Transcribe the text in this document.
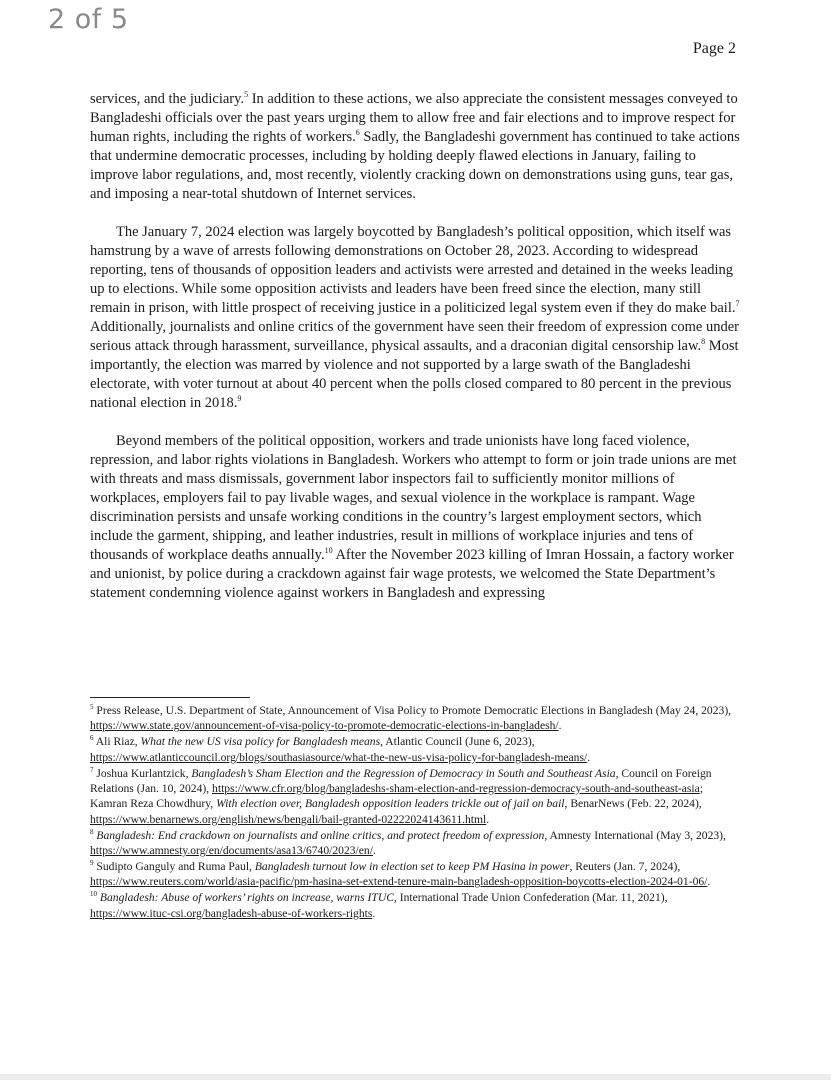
2 of 5
Page 2

services, and the judiciary.$^5$ In addition to these actions, we also appreciate the consistent messages conveyed to Bangladeshi officials over the past years urging them to allow free and fair elections and to improve respect for human rights, including the rights of workers.$^6$ Sadly, the Bangladeshi government has continued to take actions that undermine democratic processes, including by holding deeply flawed elections in January, failing to improve labor regulations, and, most recently, violently cracking down on demonstrations using guns, tear gas, and imposing a near-total shutdown of Internet services.

The January 7, 2024 election was largely boycotted by Bangladesh’s political opposition, which itself was hamstrung by a wave of arrests following demonstrations on October 28, 2023. According to widespread reporting, tens of thousands of opposition leaders and activists were arrested and detained in the weeks leading up to elections. While some opposition activists and leaders have been freed since the election, many still remain in prison, with little prospect of receiving justice in a politicized legal system even if they do make bail.$^7$ Additionally, journalists and online critics of the government have seen their freedom of expression come under serious attack through harassment, surveillance, physical assaults, and a draconian digital censorship law.$^8$ Most importantly, the election was marred by violence and not supported by a large swath of the Bangladeshi electorate, with voter turnout at about 40 percent when the polls closed compared to 80 percent in the previous national election in 2018.$^9$

Beyond members of the political opposition, workers and trade unionists have long faced violence, repression, and labor rights violations in Bangladesh. Workers who attempt to form or join trade unions are met with threats and mass dismissals, government labor inspectors fail to sufficiently monitor millions of workplaces, employers fail to pay livable wages, and sexual violence in the workplace is rampant. Wage discrimination persists and unsafe working conditions in the country’s largest employment sectors, which include the garment, shipping, and leather industries, result in millions of workplace injuries and tens of thousands of workplace deaths annually.$^{10}$ After the November 2023 killing of Imran Hossain, a factory worker and unionist, by police during a crackdown against fair wage protests, we welcomed the State Department’s statement condemning violence against workers in Bangladesh and expressing

$^5$ Press Release, U.S. Department of State, Announcement of Visa Policy to Promote Democratic Elections in Bangladesh (May 24, 2023), https://www.state.gov/announcement-of-visa-policy-to-promote-democratic-elections-in-bangladesh/.
$^6$ Ali Riaz, What the new US visa policy for Bangladesh means, Atlantic Council (June 6, 2023), https://www.atlanticcouncil.org/blogs/southasiasource/what-the-new-us-visa-policy-for-bangladesh-means/.
$^7$ Joshua Kurlantzick, Bangladesh’s Sham Election and the Regression of Democracy in South and Southeast Asia, Council on Foreign Relations (Jan. 10, 2024), https://www.cfr.org/blog/bangladeshs-sham-election-and-regression-democracy-south-and-southeast-asia; Kamran Reza Chowdhury, With election over, Bangladesh opposition leaders trickle out of jail on bail, BenarNews (Feb. 22, 2024), https://www.benarnews.org/english/news/bengali/bail-granted-02222024143611.html.
$^8$ Bangladesh: End crackdown on journalists and online critics, and protect freedom of expression, Amnesty International (May 3, 2023), https://www.amnesty.org/en/documents/asa13/6740/2023/en/.
$^9$ Sudipto Ganguly and Ruma Paul, Bangladesh turnout low in election set to keep PM Hasina in power, Reuters (Jan. 7, 2024), https://www.reuters.com/world/asia-pacific/pm-hasina-set-extend-tenure-main-bangladesh-opposition-boycotts-election-2024-01-06/.
$^{10}$ Bangladesh: Abuse of workers’ rights on increase, warns ITUC, International Trade Union Confederation (Mar. 11, 2021), https://www.ituc-csi.org/bangladesh-abuse-of-workers-rights.
